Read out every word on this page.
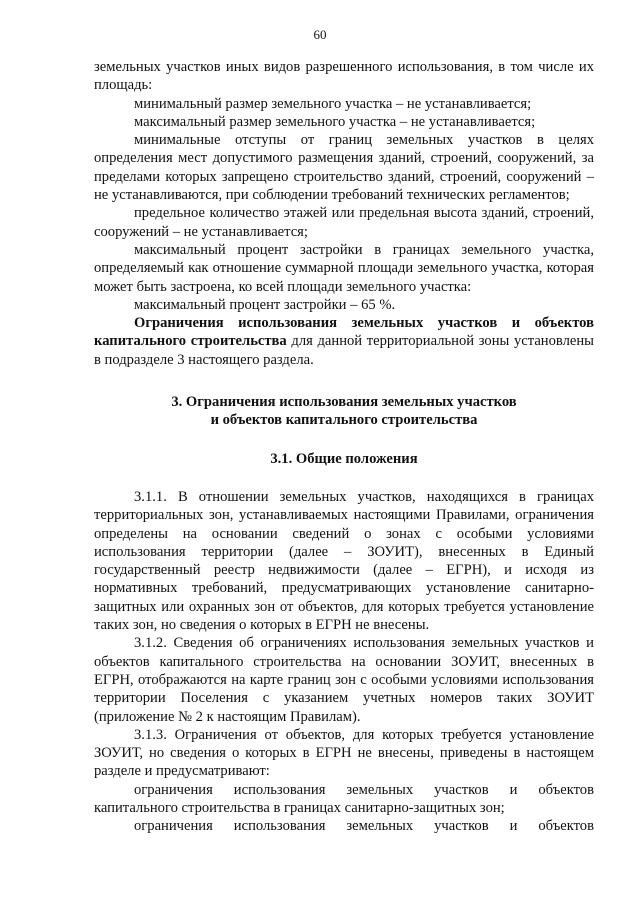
60

земельных участков иных видов разрешенного использования, в том числе их площадь:

минимальный размер земельного участка – не устанавливается;

максимальный размер земельного участка – не устанавливается;

минимальные отступы от границ земельных участков в целях определения мест допустимого размещения зданий, строений, сооружений, за пределами которых запрещено строительство зданий, строений, сооружений – не устанавливаются, при соблюдении требований технических регламентов;

предельное количество этажей или предельная высота зданий, строений, сооружений – не устанавливается;

максимальный процент застройки в границах земельного участка, определяемый как отношение суммарной площади земельного участка, которая может быть застроена, ко всей площади земельного участка:

максимальный процент застройки – 65 %.

Ограничения использования земельных участков и объектов капитального строительства для данной территориальной зоны установлены в подразделе 3 настоящего раздела.

3. Ограничения использования земельных участков
и объектов капитального строительства

3.1. Общие положения

3.1.1. В отношении земельных участков, находящихся в границах территориальных зон, устанавливаемых настоящими Правилами, ограничения определены на основании сведений о зонах с особыми условиями использования территории (далее – ЗОУИТ), внесенных в Единый государственный реестр недвижимости (далее – ЕГРН), и исходя из нормативных требований, предусматривающих установление санитарно-защитных или охранных зон от объектов, для которых требуется установление таких зон, но сведения о которых в ЕГРН не внесены.

3.1.2. Сведения об ограничениях использования земельных участков и объектов капитального строительства на основании ЗОУИТ, внесенных в ЕГРН, отображаются на карте границ зон с особыми условиями использования территории Поселения с указанием учетных номеров таких ЗОУИТ (приложение № 2 к настоящим Правилам).

3.1.3. Ограничения от объектов, для которых требуется установление ЗОУИТ, но сведения о которых в ЕГРН не внесены, приведены в настоящем разделе и предусматривают:

ограничения использования земельных участков и объектов капитального строительства в границах санитарно-защитных зон;

ограничения использования земельных участков и объектов
